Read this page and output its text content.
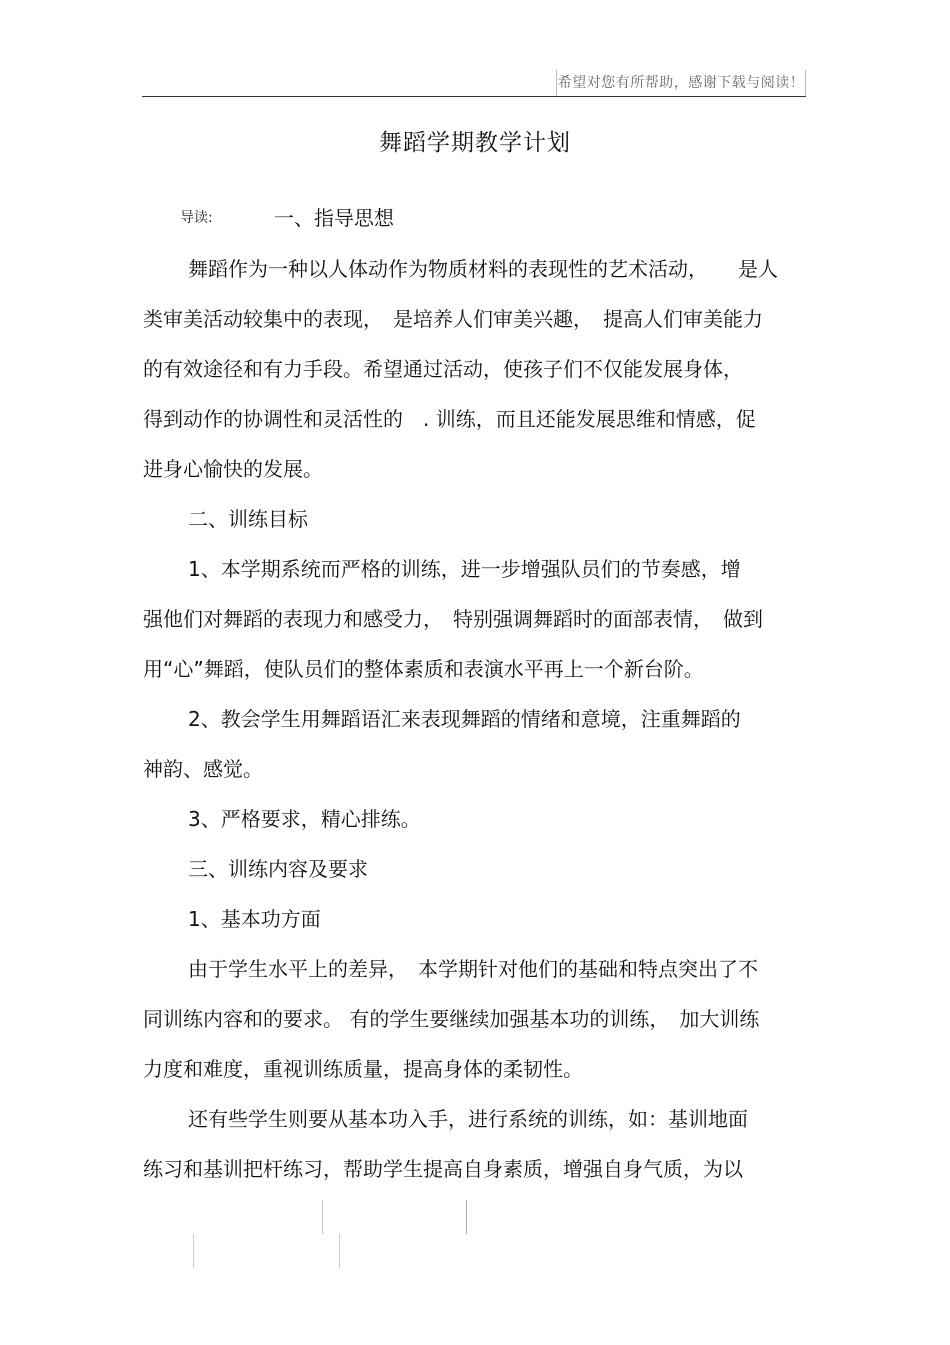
希望对您有所帮助，感谢下载与阅读！
舞蹈学期教学计划
导读:	一、指导思想
舞蹈作为一种以人体动作为物质材料的表现性的艺术活动，　　是人
类审美活动较集中的表现，　是培养人们审美兴趣，　提高人们审美能力
的有效途径和有力手段。希望通过活动，使孩子们不仅能发展身体，
得到动作的协调性和灵活性的　. 训练，而且还能发展思维和情感，促
进身心愉快的发展。
二、训练目标
1、本学期系统而严格的训练，进一步增强队员们的节奏感，增
强他们对舞蹈的表现力和感受力，　特别强调舞蹈时的面部表情，　做到
用“心”舞蹈，使队员们的整体素质和表演水平再上一个新台阶。
2、教会学生用舞蹈语汇来表现舞蹈的情绪和意境，注重舞蹈的
神韵、感觉。
3、严格要求，精心排练。
三、训练内容及要求
1、基本功方面
由于学生水平上的差异，　本学期针对他们的基础和特点突出了不
同训练内容和的要求。 有的学生要继续加强基本功的训练，　加大训练
力度和难度，重视训练质量，提高身体的柔韧性。
还有些学生则要从基本功入手，进行系统的训练，如：基训地面
练习和基训把杆练习，帮助学生提高自身素质，增强自身气质，为以
